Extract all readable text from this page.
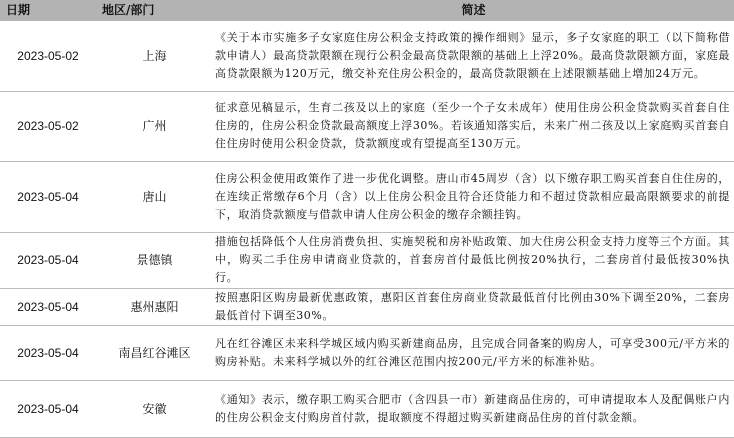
日期	地区/部门	简述
2023-05-02	上海	《关于本市实施多子女家庭住房公积金支持政策的操作细则》显示，多子女家庭的职工（以下简称借款申请人）最高贷款限额在现行公积金最高贷款限额的基础上上浮20%。最高贷款限额方面，家庭最高贷款限额为120万元，缴交补充住房公积金的，最高贷款限额在上述限额基础上增加24万元。
2023-05-02	广州	征求意见稿显示，生育二孩及以上的家庭（至少一个子女未成年）使用住房公积金贷款购买首套自住住房的，住房公积金贷款最高额度上浮30%。若该通知落实后，未来广州二孩及以上家庭购买首套自住住房时使用公积金贷款，贷款额度或有望提高至130万元。
2023-05-04	唐山	住房公积金使用政策作了进一步优化调整。唐山市45周岁（含）以下缴存职工购买首套自住住房的，在连续正常缴存6个月（含）以上住房公积金且符合还贷能力和不超过贷款相应最高限额要求的前提下，取消贷款额度与借款申请人住房公积金的缴存余额挂钩。
2023-05-04	景德镇	措施包括降低个人住房消费负担、实施契税和房补贴政策、加大住房公积金支持力度等三个方面。其中，购买二手住房申请商业贷款的，首套房首付最低比例按20%执行，二套房首付最低按30%执行。
2023-05-04	惠州惠阳	按照惠阳区购房最新优惠政策，惠阳区首套住房商业贷款最低首付比例由30%下调至20%，二套房最低首付下调至30%。
2023-05-04	南昌红谷滩区	凡在红谷滩区未来科学城区域内购买新建商品房，且完成合同备案的购房人，可享受300元/平方米的购房补贴。未来科学城以外的红谷滩区范围内按200元/平方米的标准补贴。
2023-05-04	安徽	《通知》表示，缴存职工购买合肥市（含四县一市）新建商品住房的，可申请提取本人及配偶账户内的住房公积金支付购房首付款，提取额度不得超过购买新建商品住房的首付款金额。
